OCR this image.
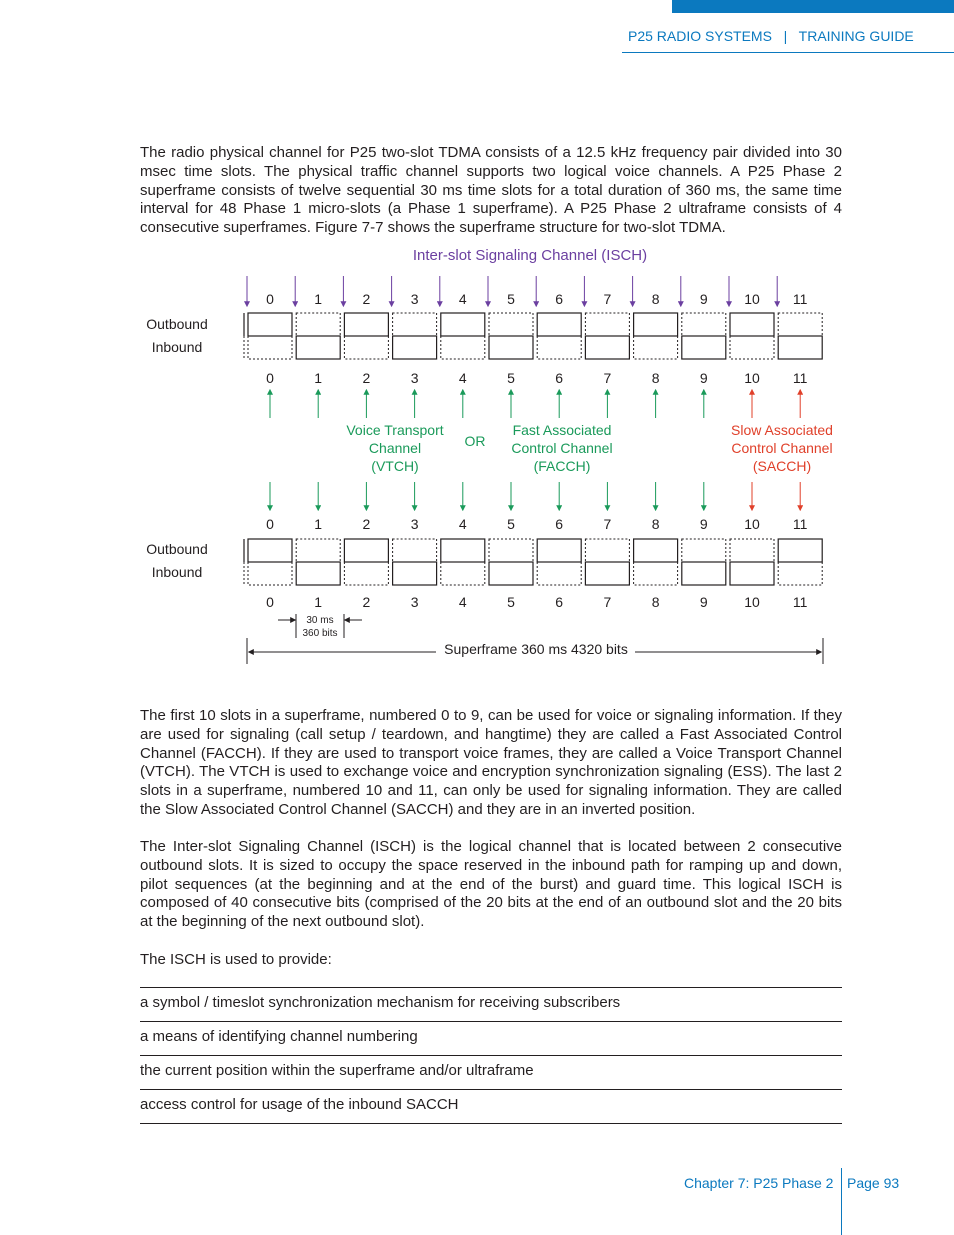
P25 RADIO SYSTEMS   |   TRAINING GUIDE

The radio physical channel for P25 two-slot TDMA consists of a 12.5 kHz frequency pair divided into 30 msec time slots. The physical traffic channel supports two logical voice channels. A P25 Phase 2 superframe consists of twelve sequential 30 ms time slots for a total duration of 360 ms, the same time interval for 48 Phase 1 micro-slots (a Phase 1 superframe). A P25 Phase 2 ultraframe consists of 4 consecutive superframes. Figure 7-7 shows the superframe structure for two-slot TDMA.

Inter-slot Signaling Channel (ISCH)
0	1	2	3	4	5	6	7	8	9	10 11
Outbound
Inbound
0	1	2	3	4	5	6	7	8	9	10 11
Voice Transport
Channel
(VTCH)
OR
Fast Associated
Control Channel
(FACCH)
Slow Associated
Control Channel
(SACCH)
0	1	2	3	4	5	6	7	8	9	10 11
Outbound
Inbound
0	1	2	3	4	5	6	7	8	9	10 11
30 ms
360 bits
Superframe 360 ms 4320 bits

The first 10 slots in a superframe, numbered 0 to 9, can be used for voice or signaling information. If they are used for signaling (call setup / teardown, and hangtime) they are called a Fast Associated Control Channel (FACCH). If they are used to transport voice frames, they are called a Voice Transport Channel (VTCH). The VTCH is used to exchange voice and encryption synchronization signaling (ESS). The last 2 slots in a superframe, numbered 10 and 11, can only be used for signaling information. They are called the Slow Associated Control Channel (SACCH) and they are in an inverted position.

The Inter-slot Signaling Channel (ISCH) is the logical channel that is located between 2 consecutive outbound slots. It is sized to occupy the space reserved in the inbound path for ramping up and down, pilot sequences (at the beginning and at the end of the burst) and guard time. This logical ISCH is composed of 40 consecutive bits (comprised of the 20 bits at the end of an outbound slot and the 20 bits at the beginning of the next outbound slot).

The ISCH is used to provide:

a symbol / timeslot synchronization mechanism for receiving subscribers
a means of identifying channel numbering
the current position within the superframe and/or ultraframe
access control for usage of the inbound SACCH
Chapter 7: P25 Phase 2 Page 93
